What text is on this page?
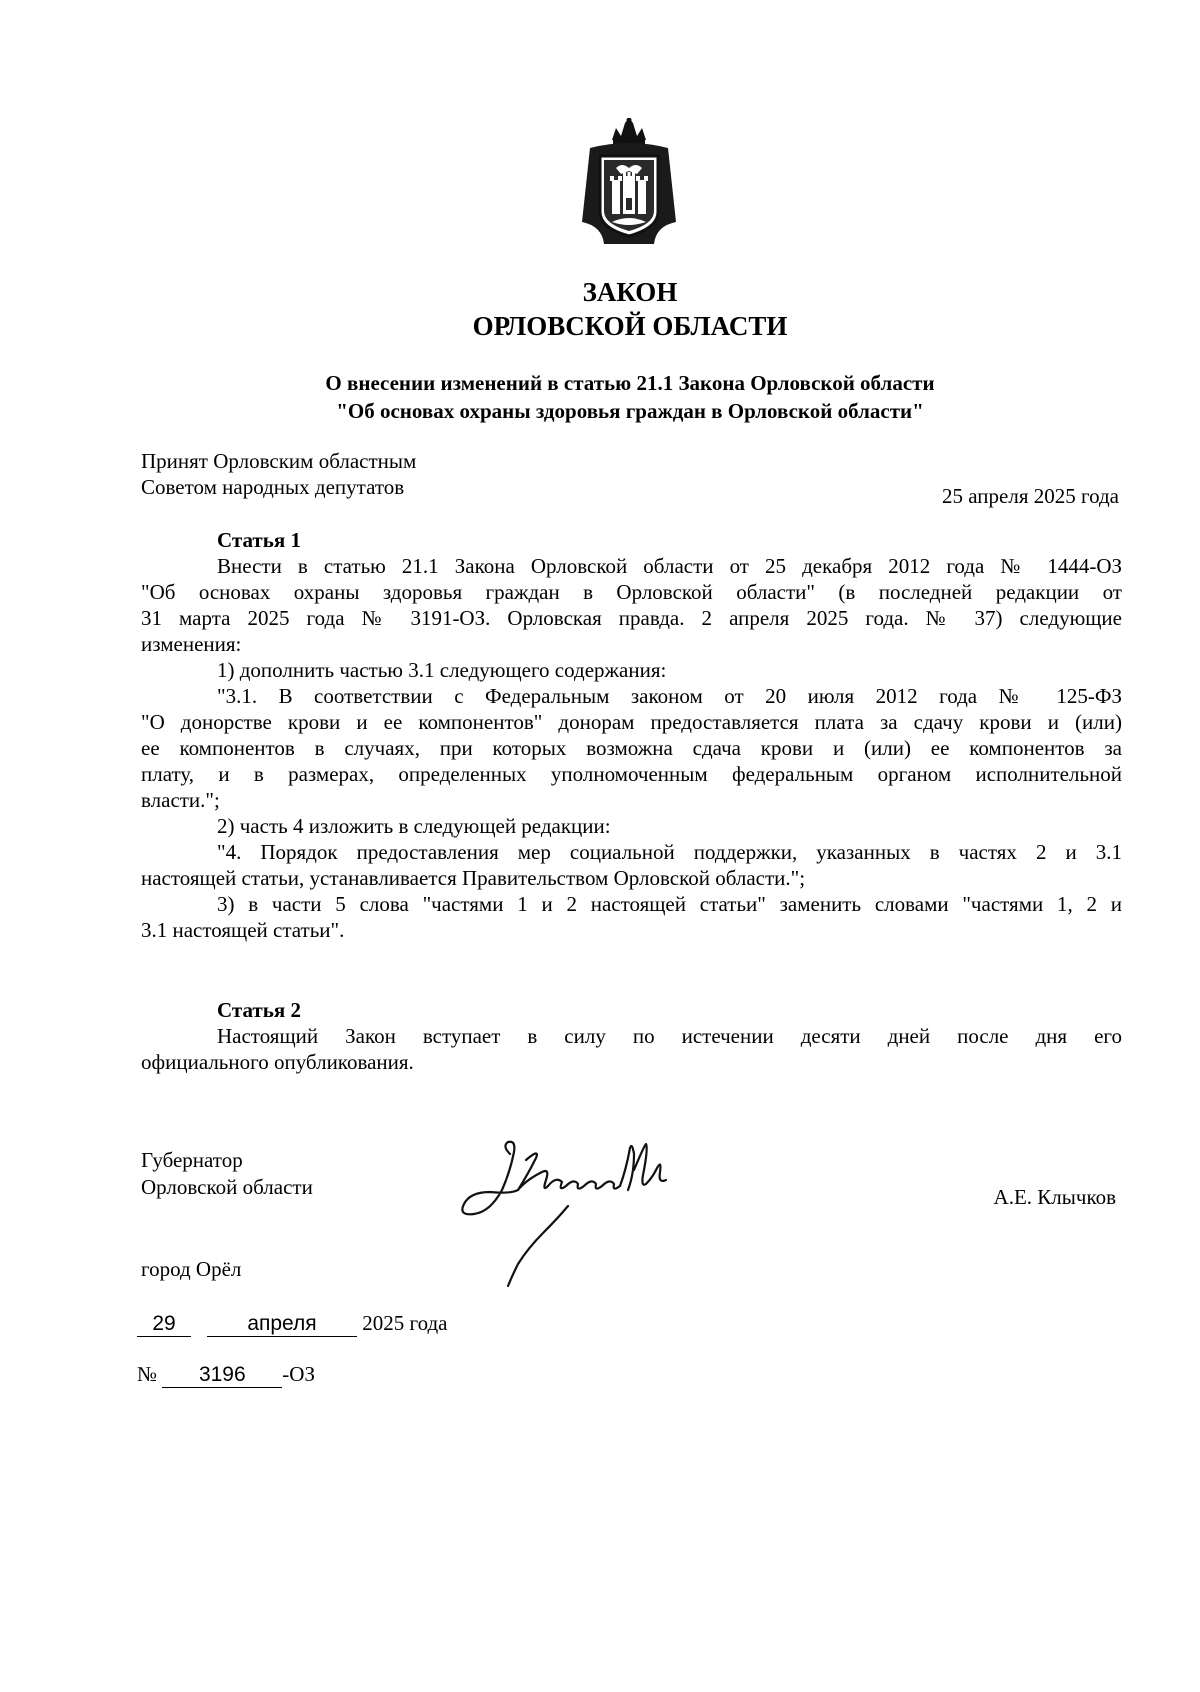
ЗАКОН
ОРЛОВСКОЙ ОБЛАСТИ
О внесении изменений в статью 21.1 Закона Орловской области
"Об основах охраны здоровья граждан в Орловской области"
Принят Орловским областным
Советом народных депутатов	25 апреля 2025 года
Статья 1
Внести в статью 21.1 Закона Орловской области от 25 декабря 2012 года № 1444-ОЗ
"Об основах охраны здоровья граждан в Орловской области" (в последней редакции от
31 марта 2025 года № 3191-ОЗ. Орловская правда. 2 апреля 2025 года. № 37) следующие
изменения:
1) дополнить частью 3.1 следующего содержания:
"3.1. В соответствии с Федеральным законом от 20 июля 2012 года № 125-ФЗ
"О донорстве крови и ее компонентов" донорам предоставляется плата за сдачу крови и (или)
ее компонентов в случаях, при которых возможна сдача крови и (или) ее компонентов за
плату, и в размерах, определенных уполномоченным федеральным органом исполнительной
власти.";
2) часть 4 изложить в следующей редакции:
"4. Порядок предоставления мер социальной поддержки, указанных в частях 2 и 3.1
настоящей статьи, устанавливается Правительством Орловской области.";
3) в части 5 слова "частями 1 и 2 настоящей статьи" заменить словами "частями 1, 2 и
3.1 настоящей статьи".
Статья 2
Настоящий Закон вступает в силу по истечении десяти дней после дня его
официального опубликования.
Губернатор
Орловской области	А.Е. Клычков
город Орёл
29	апреля 2025 года
№ 3196 -ОЗ
